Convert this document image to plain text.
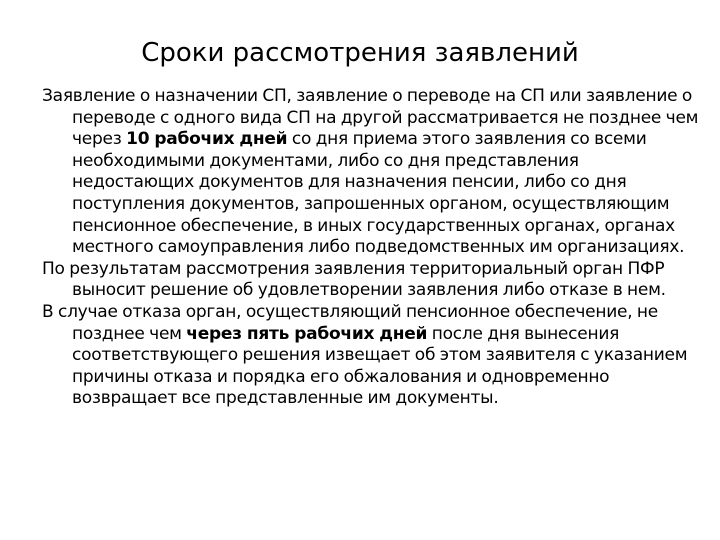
Сроки рассмотрения заявлений

Заявление о назначении СП, заявление о переводе на СП или заявление о переводе с одного вида СП на другой рассматривается не позднее чем через 10 рабочих дней со дня приема этого заявления со всеми необходимыми документами, либо со дня представления недостающих документов для назначения пенсии, либо со дня поступления документов, запрошенных органом, осуществляющим пенсионное обеспечение, в иных государственных органах, органах местного самоуправления либо подведомственных им организациях.

По результатам рассмотрения заявления территориальный орган ПФР выносит решение об удовлетворении заявления либо отказе в нем.

В случае отказа орган, осуществляющий пенсионное обеспечение, не позднее чем через пять рабочих дней после дня вынесения соответствующего решения извещает об этом заявителя с указанием причины отказа и порядка его обжалования и одновременно возвращает все представленные им документы.
